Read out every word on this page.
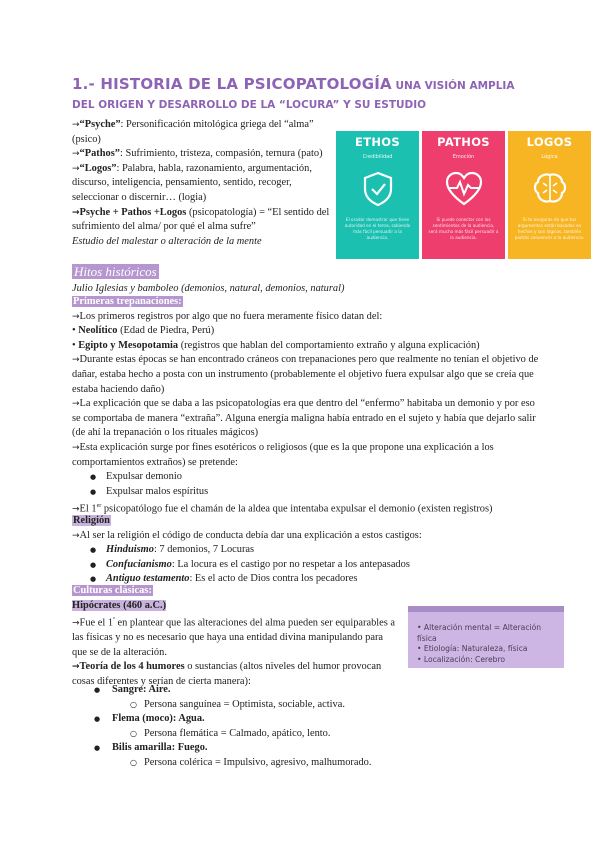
1.- HISTORIA DE LA PSICOPATOLOGÍA UNA VISIÓN AMPLIA
DEL ORIGEN Y DESARROLLO DE LA “LOCURA” Y SU ESTUDIO

→“Psyche”: Personificación mitológica griega del “alma” (psico)

→“Pathos”: Sufrimiento, tristeza, compasión, ternura (pato)

→“Logos”: Palabra, habla, razonamiento, argumentación, discurso, inteligencia, pensamiento, sentido, recoger, seleccionar o discernir… (logia)

→Psyche + Pathos +Logos (psicopatología) = “El sentido del sufrimiento del alma/ por qué el alma sufre”

Estudio del malestar o alteración de la mente

ETHOS
Credibilidad
El orador demostrar que tiene autoridad en el tema, sabiendo más fácil persuadir a la audiencia.
PATHOS
Emoción
Si puede conectar con los sentimientos de la audiencia, será mucho más fácil persuadir a la audiencia.
LOGOS
Lógica
Si te aseguras de que tus argumentos están basados en hechos y son lógicos, también podrás convencer a la audiencia.

Hitos históricos

Julio Iglesias y bamboleo (demonios, natural, demonios, natural)

Primeras trepanaciones:

→Los primeros registros por algo que no fuera meramente físico datan del:

• Neolítico (Edad de Piedra, Perú)

• Egipto y Mesopotamia (registros que hablan del comportamiento extraño y alguna explicación)

→Durante estas épocas se han encontrado cráneos con trepanaciones pero que realmente no tenían el objetivo de dañar, estaba hecho a posta con un instrumento (probablemente el objetivo fuera expulsar algo que se creía que estaba haciendo daño)

→La explicación que se daba a las psicopatologías era que dentro del “enfermo” habitaba un demonio y por eso se comportaba de manera “extraña”. Alguna energía maligna había entrado en el sujeto y había que dejarlo salir (de ahí la trepanación o los rituales mágicos)

→Esta explicación surge por fines esotéricos o religiosos (que es la que propone una explicación a los comportamientos extraños) se pretende:

● Expulsar demonio

● Expulsar malos espíritus

→El 1er psicopatólogo fue el chamán de la aldea que intentaba expulsar el demonio (existen registros)

Religión

→Al ser la religión el código de conducta debía dar una explicación a estos castigos:

● Hinduismo: 7 demonios, 7 Locuras

● Confucianismo: La locura es el castigo por no respetar a los antepasados

● Antiguo testamento: Es el acto de Dios contra los pecadores

Culturas clásicas:

Hipócrates (460 a.C.)

→Fue el $1^º$ en plantear que las alteraciones del alma pueden ser equiparables a las físicas y no es necesario que haya una entidad divina manipulando para que se de la alteración.

→Teoría de los 4 humores o sustancias (altos niveles del humor provocan cosas diferentes y serían de cierta manera):

● Sangre: Aire.

○ Persona sanguínea = Optimista, sociable, activa.

● Flema (moco): Agua.

○ Persona flemática = Calmado, apático, lento.

● Bilis amarilla: Fuego.

○ Persona colérica = Impulsivo, agresivo, malhumorado.

• Alteración mental = Alteración física
• Etiología: Naturaleza, física
• Localización: Cerebro
